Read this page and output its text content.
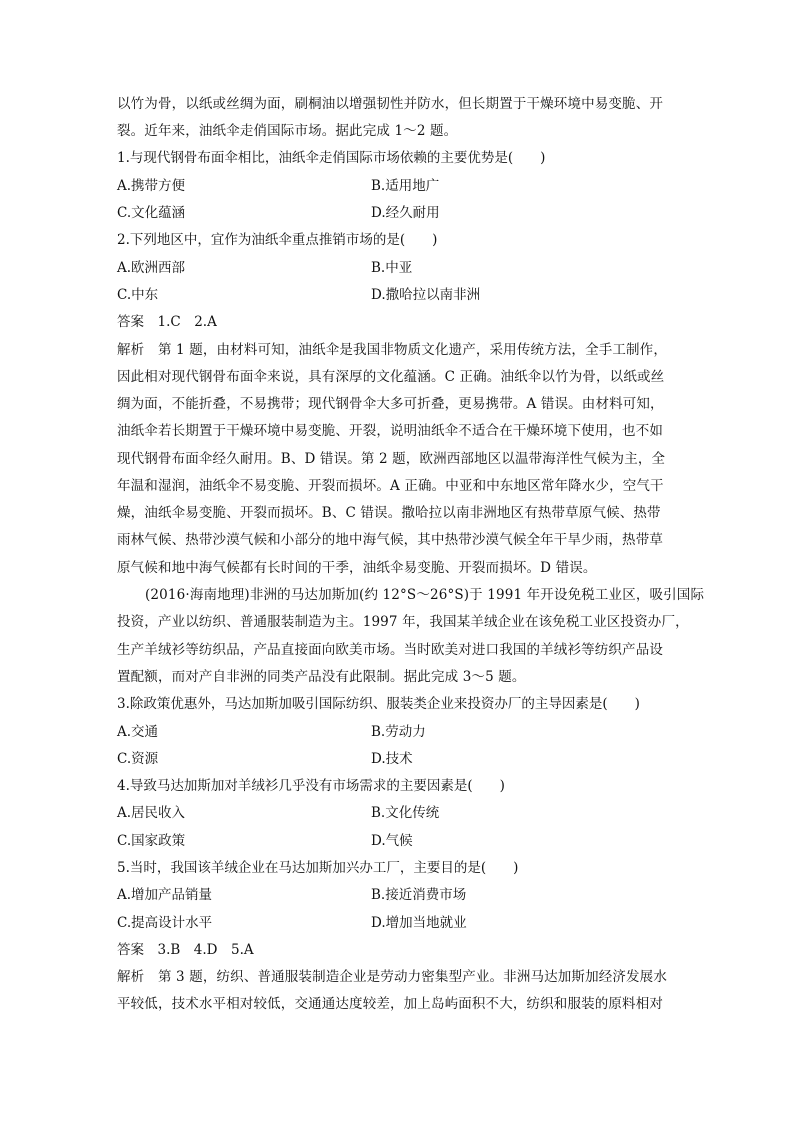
以竹为骨，以纸或丝绸为面，刷桐油以增强韧性并防水，但长期置于干燥环境中易变脆、开
裂。近年来，油纸伞走俏国际市场。据此完成 1～2 题。
1.与现代钢骨布面伞相比，油纸伞走俏国际市场依赖的主要优势是(　　)
A.携带方便	B.适用地广
C.文化蕴涵	D.经久耐用
2.下列地区中，宜作为油纸伞重点推销市场的是(　　)
A.欧洲西部	B.中亚
C.中东	D.撒哈拉以南非洲
答案　1.C　2.A
解析　第 1 题，由材料可知，油纸伞是我国非物质文化遗产，采用传统方法，全手工制作，
因此相对现代钢骨布面伞来说，具有深厚的文化蕴涵。C 正确。油纸伞以竹为骨，以纸或丝
绸为面，不能折叠，不易携带；现代钢骨伞大多可折叠，更易携带。A 错误。由材料可知，
油纸伞若长期置于干燥环境中易变脆、开裂，说明油纸伞不适合在干燥环境下使用，也不如
现代钢骨布面伞经久耐用。B、D 错误。第 2 题，欧洲西部地区以温带海洋性气候为主，全
年温和湿润，油纸伞不易变脆、开裂而损坏。A 正确。中亚和中东地区常年降水少，空气干
燥，油纸伞易变脆、开裂而损坏。B、C 错误。撒哈拉以南非洲地区有热带草原气候、热带
雨林气候、热带沙漠气候和小部分的地中海气候，其中热带沙漠气候全年干旱少雨，热带草
原气候和地中海气候都有长时间的干季，油纸伞易变脆、开裂而损坏。D 错误。
(2016·海南地理)非洲的马达加斯加(约 12°S～26°S)于 1991 年开设免税工业区，吸引国际
投资，产业以纺织、普通服装制造为主。1997 年，我国某羊绒企业在该免税工业区投资办厂，
生产羊绒衫等纺织品，产品直接面向欧美市场。当时欧美对进口我国的羊绒衫等纺织产品设
置配额，而对产自非洲的同类产品没有此限制。据此完成 3～5 题。
3.除政策优惠外，马达加斯加吸引国际纺织、服装类企业来投资办厂的主导因素是(　　)
A.交通	B.劳动力
C.资源	D.技术
4.导致马达加斯加对羊绒衫几乎没有市场需求的主要因素是(　　)
A.居民收入	B.文化传统
C.国家政策	D.气候
5.当时，我国该羊绒企业在马达加斯加兴办工厂，主要目的是(　　)
A.增加产品销量	B.接近消费市场
C.提高设计水平	D.增加当地就业
答案　3.B　4.D　5.A
解析　第 3 题，纺织、普通服装制造企业是劳动力密集型产业。非洲马达加斯加经济发展水
平较低，技术水平相对较低，交通通达度较差，加上岛屿面积不大，纺织和服装的原料相对
